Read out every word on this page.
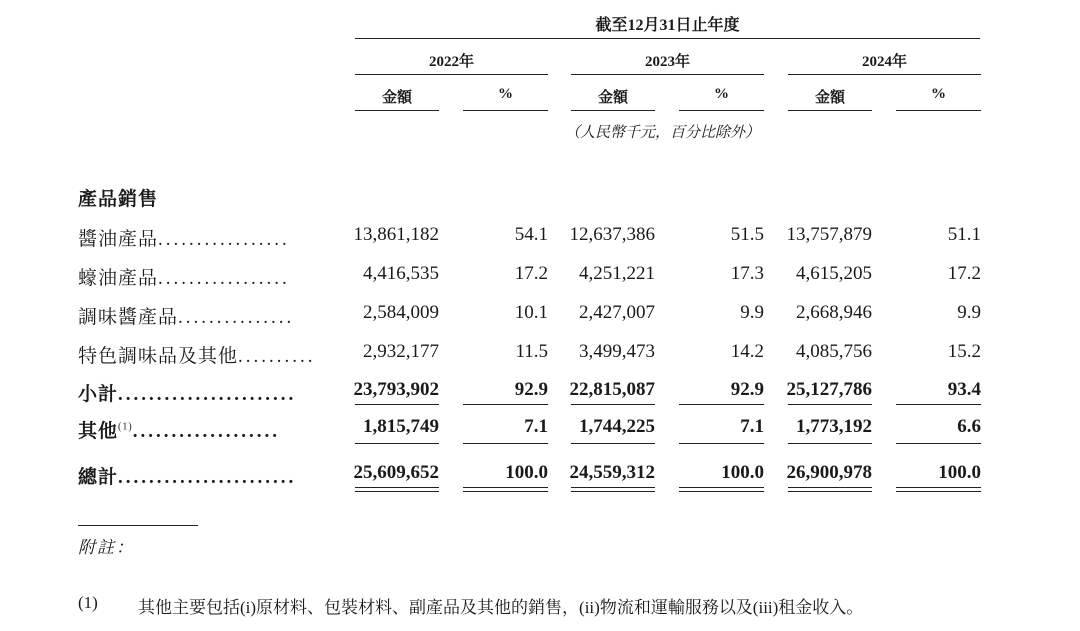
截至12月31日止年度
2022年	2023年	2024年
金額	%	金額	%	金額	%
（人民幣千元，百分比除外）
產品銷售
醬油產品.................	13,861,182	54.1	12,637,386	51.5	13,757,879	51.1
蠔油產品.................	4,416,535	17.2	4,251,221	17.3	4,615,205	17.2
調味醬產品...............	2,584,009	10.1	2,427,007	9.9	2,668,946	9.9
特色調味品及其他..........	2,932,177	11.5	3,499,473	14.2	4,085,756	15.2
小計.......................	23,793,902	92.9	22,815,087	92.9	25,127,786	93.4
其他$^{(1)}$...................	1,815,749	7.1	1,744,225	7.1	1,773,192	6.6
總計.......................	25,609,652	100.0	24,559,312	100.0	26,900,978	100.0
附註：
(1) 其他主要包括(i)原材料、包裝材料、副產品及其他的銷售，(ii)物流和運輸服務以及(iii)租金收入。
